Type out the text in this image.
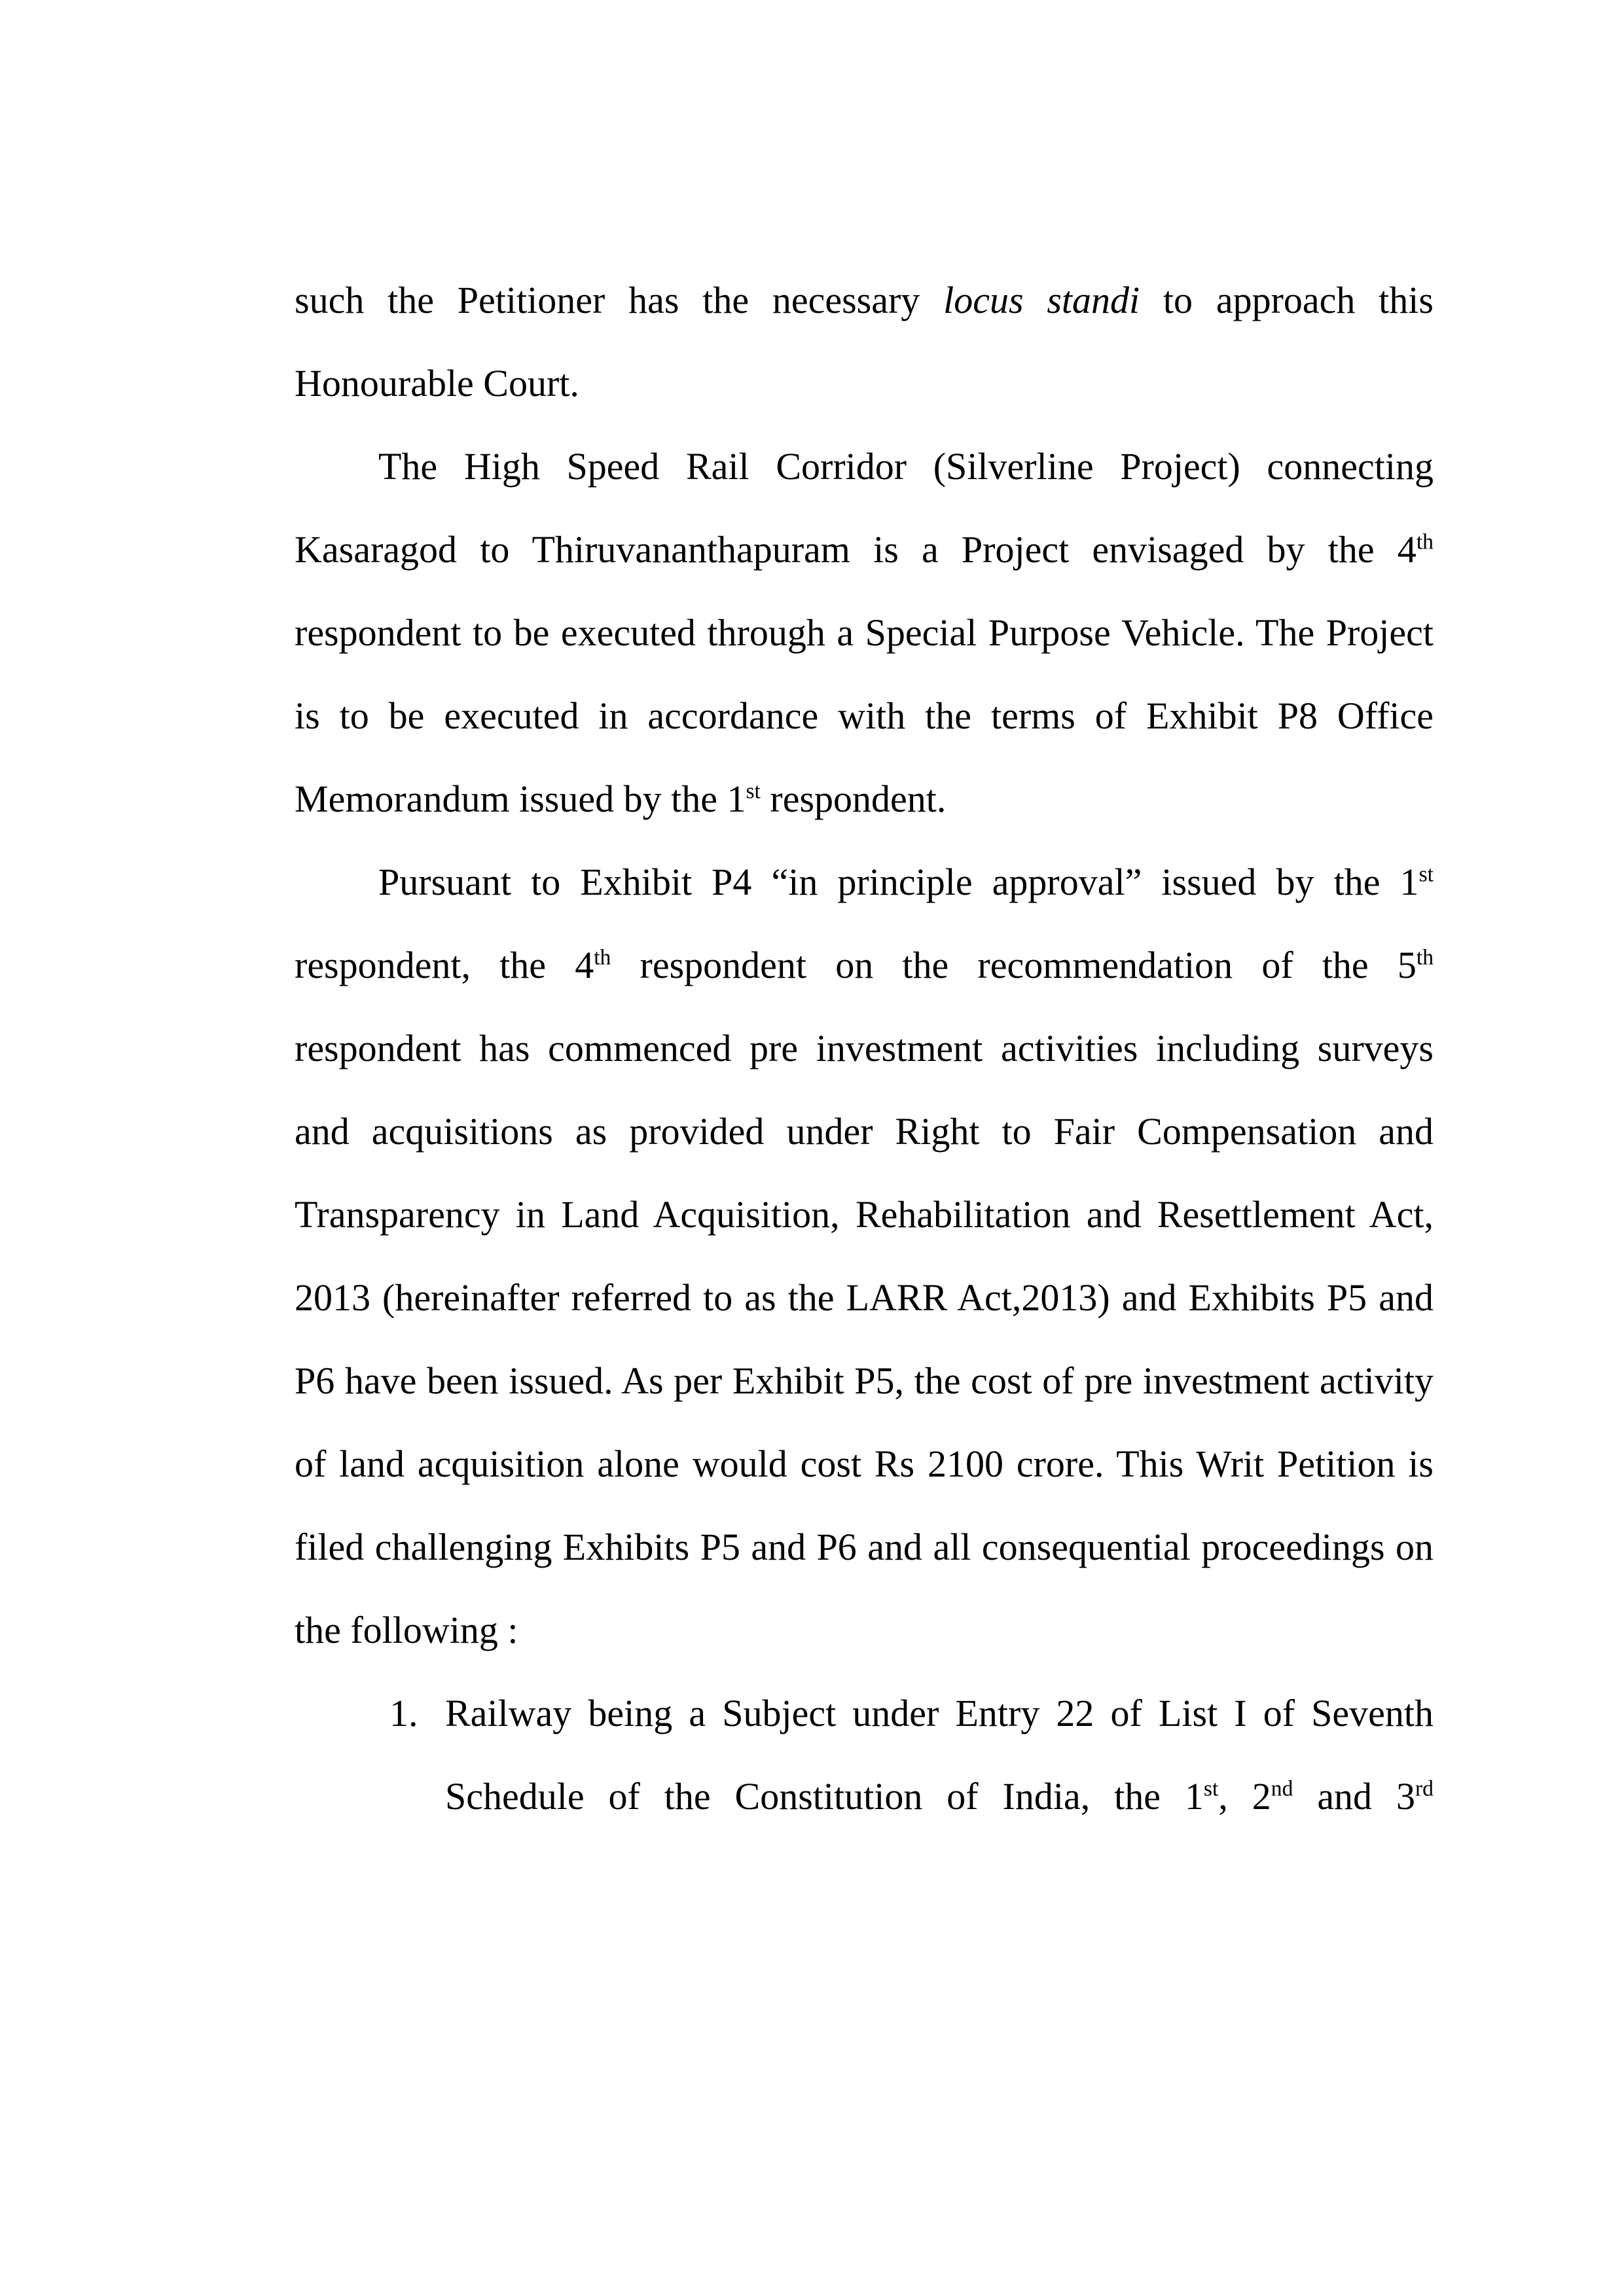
such the Petitioner has the necessary locus standi to approach this Honourable Court.

The High Speed Rail Corridor (Silverline Project) connecting Kasaragod to Thiruvananthapuram is a Project envisaged by the 4th respondent to be executed through a Special Purpose Vehicle. The Project is to be executed in accordance with the terms of Exhibit P8 Office Memorandum issued by the 1st respondent.

Pursuant to Exhibit P4 “in principle approval” issued by the 1st respondent, the 4th respondent on the recommendation of the 5th respondent has commenced pre investment activities including surveys and acquisitions as provided under Right to Fair Compensation and Transparency in Land Acquisition, Rehabilitation and Resettlement Act, 2013 (hereinafter referred to as the LARR Act,2013) and Exhibits P5 and P6 have been issued. As per Exhibit P5, the cost of pre investment activity of land acquisition alone would cost Rs 2100 crore. This Writ Petition is filed challenging Exhibits P5 and P6 and all consequential proceedings on the following :

1. Railway being a Subject under Entry 22 of List I of Seventh Schedule of the Constitution of India, the 1st, 2nd and 3rd
